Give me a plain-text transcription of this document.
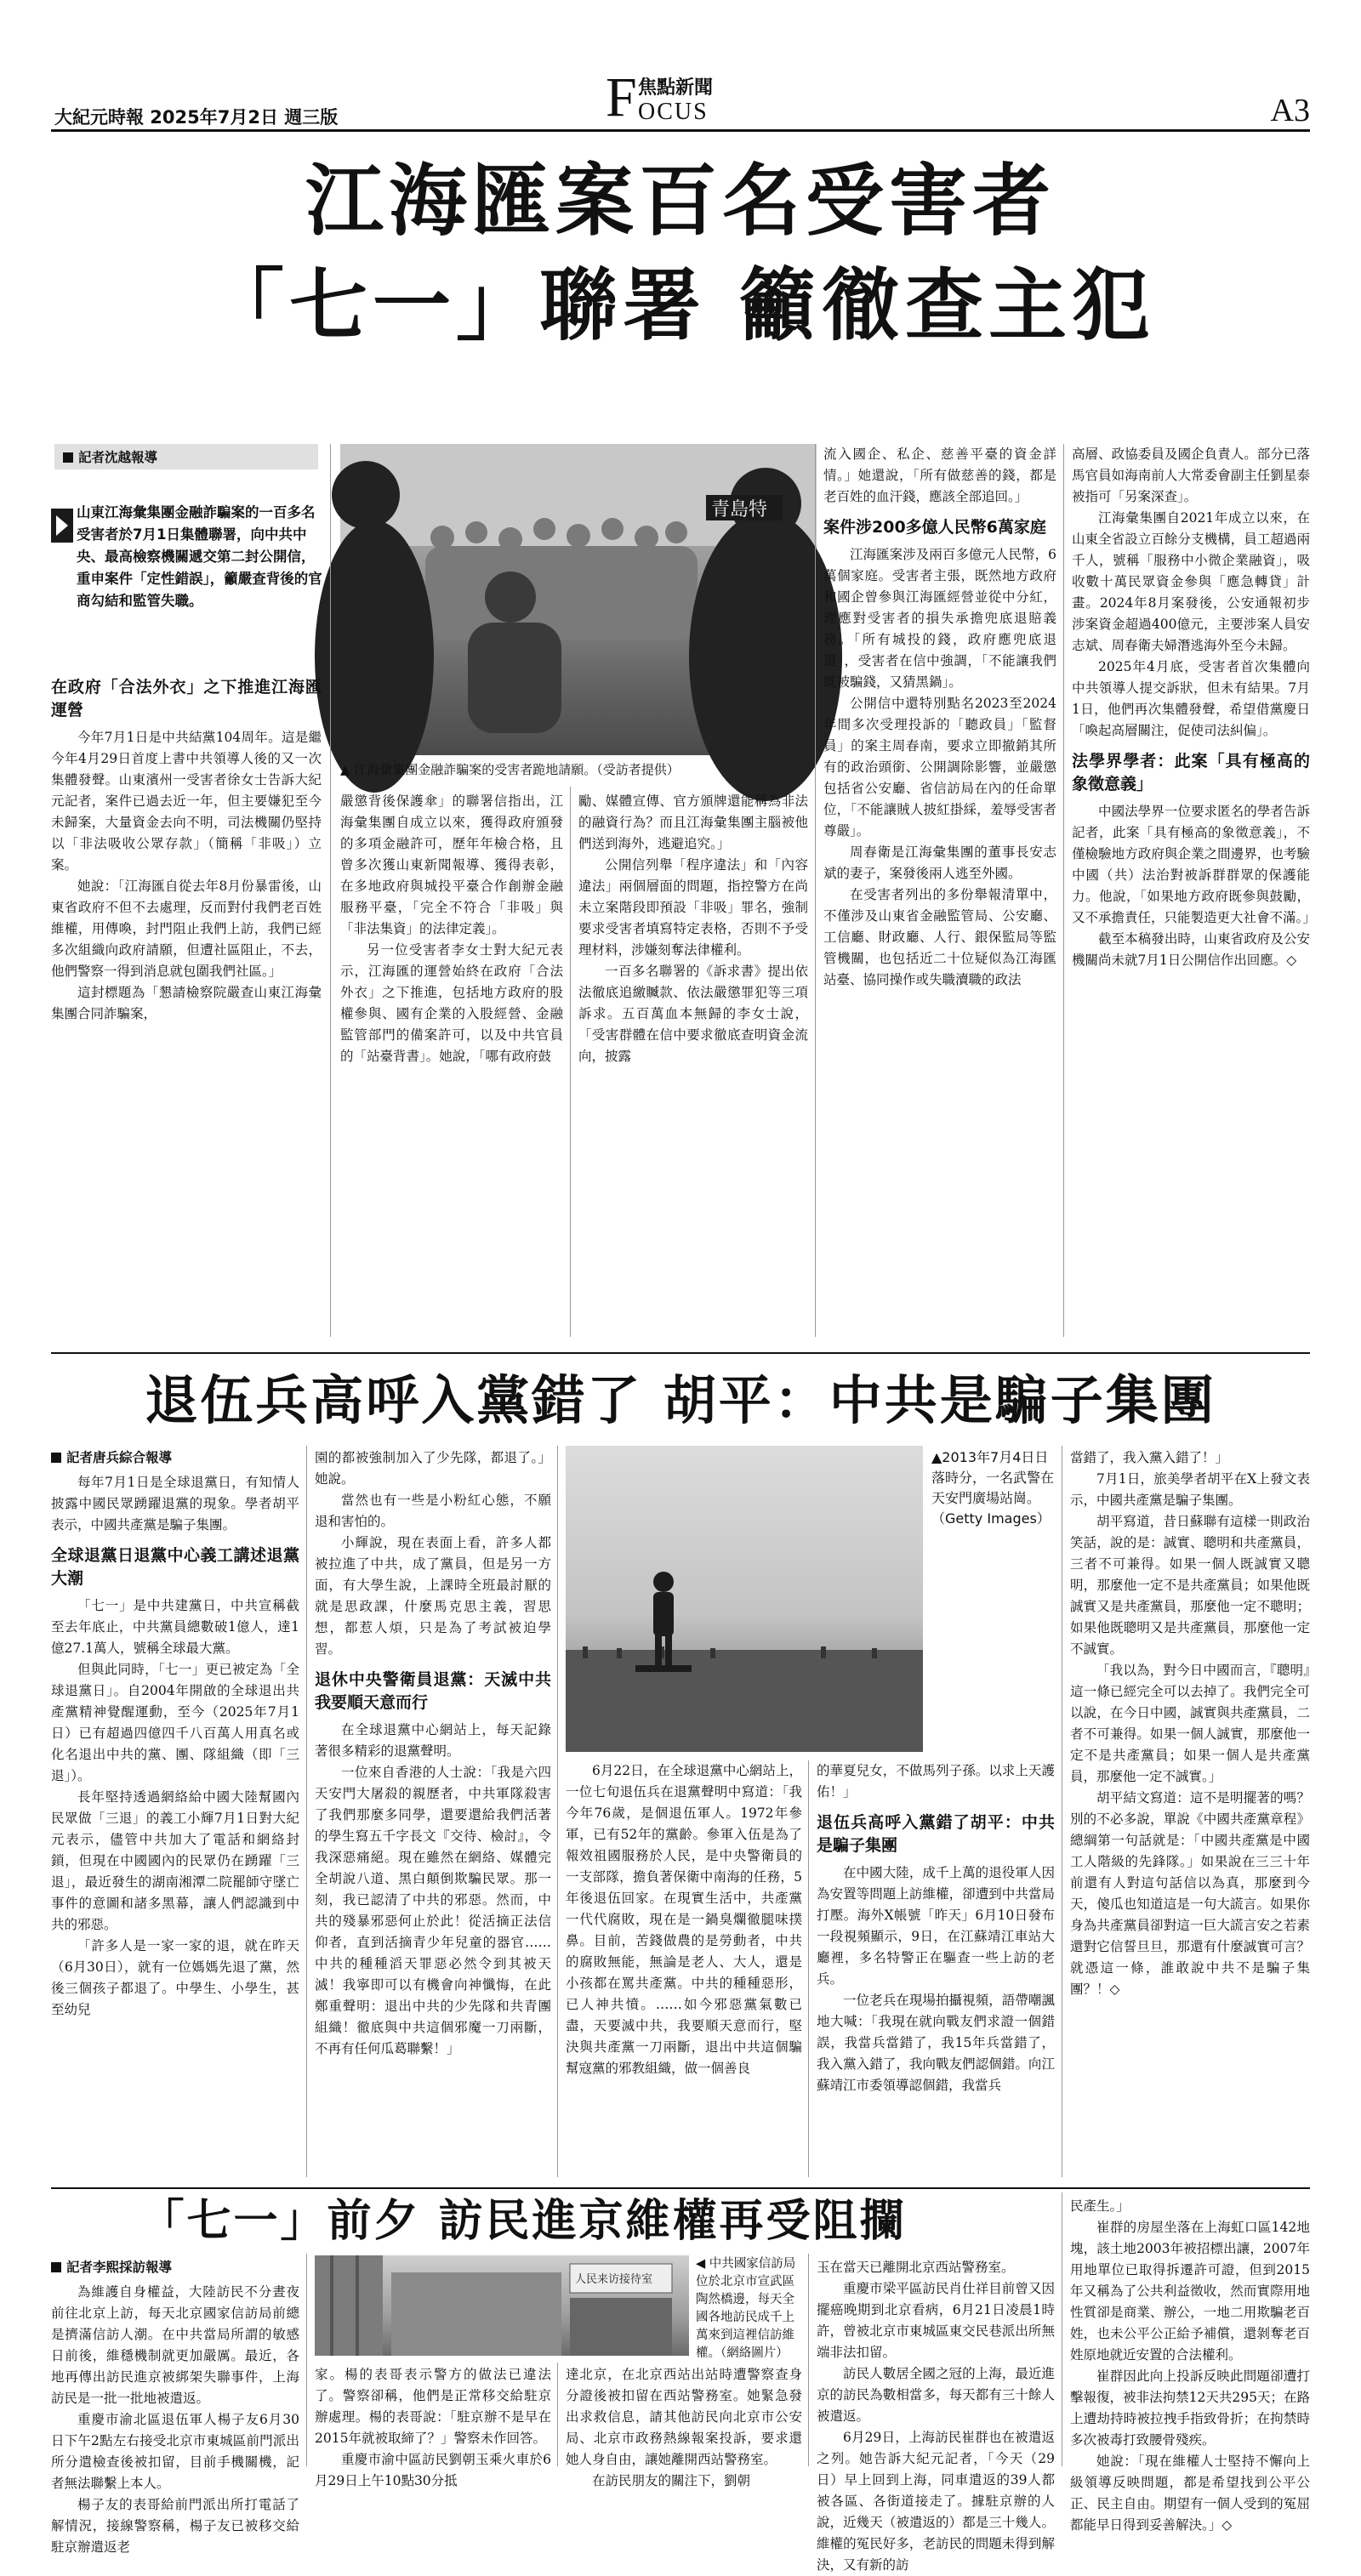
大紀元時報 2025年7月2日 週三版	F 焦點新聞
OCUS	A3
江海匯案百名受害者
「七一」聯署 籲徹查主犯
記者沈越報導
山東江海彙集團金融詐騙案的一百多名受害者於7月1日集體聯署，向中共中央、最高檢察機關遞交第二封公開信，重申案件「定性錯誤」，籲嚴查背後的官商勾結和監管失職。
青島特
▲ 江海彙集團金融詐騙案的受害者跪地請願。（受訪者提供）
在政府「合法外衣」之下推進江海匯運營

今年7月1日是中共結黨104周年。這是繼今年4月29日首度上書中共領導人後的又一次集體發聲。山東濱州一受害者徐女士告訴大紀元記者，案件已過去近一年，但主要嫌犯至今未歸案，大量資金去向不明，司法機關仍堅持以「非法吸收公眾存款」（簡稱「非吸」）立案。

她說：「江海匯自從去年8月份暴雷後，山東省政府不但不去處理，反而對付我們老百姓維權，用傳喚，封門阻止我們上訪，我們已經多次組織向政府請願，但遭社區阻止，不去，他們警察一得到消息就包圍我們社區。」

這封標題為「懇請檢察院嚴查山東江海彙集團合同詐騙案，

嚴懲背後保護傘」的聯署信指出，江海彙集團自成立以來，獲得政府頒發的多項金融許可，歷年年檢合格，且曾多次獲山東新聞報導、獲得表彰，在多地政府與城投平臺合作創辦金融服務平臺，「完全不符合「非吸」與「非法集資」的法律定義」。

另一位受害者李女士對大紀元表示，江海匯的運營始終在政府「合法外衣」之下推進，包括地方政府的股權參與、國有企業的入股經營、金融監管部門的備案許可，以及中共官員的「站臺背書」。她說，「哪有政府鼓

勵、媒體宣傳、官方頒牌還能稱為非法的融資行為？而且江海彙集團主腦被他們送到海外，逃避追究。」

公開信列舉「程序違法」和「內容違法」兩個層面的問題，指控警方在尚未立案階段即預設「非吸」罪名，強制要求受害者填寫特定表格，否則不予受理材料，涉嫌刻奪法律權利。

一百多名聯署的《訴求書》提出依法徹底追繳贓款、依法嚴懲罪犯等三項訴求。五百萬血本無歸的李女士說，「受害群體在信中要求徹底查明資金流向，披露

流入國企、私企、慈善平臺的資金詳情。」她還說，「所有做慈善的錢，都是老百姓的血汗錢，應該全部追回。」

案件涉200多億人民幣6萬家庭

江海匯案涉及兩百多億元人民幣，6萬個家庭。受害者主張，既然地方政府和國企曾參與江海匯經營並從中分紅，理應對受害者的損失承擔兜底退賠義務。「所有城投的錢，政府應兜底退還」，受害者在信中強調，「不能讓我們既被騙錢，又猜黑鍋」。

公開信中還特別點名2023至2024年間多次受理投訴的「聽政員」「監督員」的案主周春南，要求立即撤銷其所有的政治頭銜、公開調除影響，並嚴懲包括省公安廳、省信訪局在內的任命單位，「不能讓賊人披紅掛綵，羞辱受害者尊嚴」。

周春衛是江海彙集團的董事長安志斌的妻子，案發後兩人逃至外國。

在受害者列出的多份舉報清單中，不僅涉及山東省金融監管局、公安廳、工信廳、財政廳、人行、銀保監局等監管機關，也包括近二十位疑似為江海匯站臺、協同操作或失職瀆職的政法

高層、政協委員及國企負責人。部分已落馬官員如海南前人大常委會副主任劉星泰被指可「另案深查」。

江海彙集團自2021年成立以來，在山東全省設立百餘分支機構，員工超過兩千人，號稱「服務中小微企業融資」，吸收數十萬民眾資金參與「應急轉貸」計畫。2024年8月案發後，公安通報初步涉案資金超過400億元，主要涉案人員安志斌、周春衛夫婦潛逃海外至今未歸。

2025年4月底，受害者首次集體向中共領導人提交訴狀，但未有結果。7月1日，他們再次集體發聲，希望借黨慶日「喚起高層關注，促使司法糾偏」。

法學界學者：此案「具有極高的象徵意義」

中國法學界一位要求匿名的學者告訴記者，此案「具有極高的象徵意義」，不僅檢驗地方政府與企業之間邊界，也考驗中國（共）法治對被訴群群眾的保護能力。他說，「如果地方政府既參與鼓勵，又不承擔責任，只能製造更大社會不滿。」

截至本稿發出時，山東省政府及公安機關尚未就7月1日公開信作出回應。◇

退伍兵高呼入黨錯了 胡平：中共是騙子集團
記者唐兵綜合報導

每年7月1日是全球退黨日，有知情人披露中國民眾踴躍退黨的現象。學者胡平表示，中國共產黨是騙子集團。

全球退黨日退黨中心義工講述退黨大潮

「七一」是中共建黨日，中共宣稱截至去年底止，中共黨員總數破1億人，達1億27.1萬人，號稱全球最大黨。

但與此同時，「七一」更已被定為「全球退黨日」。自2004年開啟的全球退出共產黨精神覺醒運動，至今（2025年7月1日）已有超過四億四千八百萬人用真名或化名退出中共的黨、團、隊組織（即「三退」）。

長年堅持透過網絡給中國大陸幫國內民眾做「三退」的義工小輝7月1日對大紀元表示，儘管中共加大了電話和網絡封鎖，但現在中國國內的民眾仍在踴躍「三退」，最近發生的湖南湘潭二院罷師守墜亡事件的意圖和諸多黑幕，讓人們認識到中共的邪惡。

「許多人是一家一家的退，就在昨天（6月30日），就有一位媽媽先退了黨，然後三個孩子都退了。中學生、小學生，甚至幼兒

園的都被強制加入了少先隊，都退了。」她說。

當然也有一些是小粉紅心態，不願退和害怕的。

小輝說，現在表面上看，許多人都被拉進了中共，成了黨員，但是另一方面，有大學生說，上課時全班最討厭的就是思政課，什麼馬克思主義，習思想，都惹人煩，只是為了考試被迫學習。

退休中央警衛員退黨：天滅中共 我要順天意而行

在全球退黨中心網站上，每天記錄著很多精彩的退黨聲明。

一位來自香港的人士說：「我是六四天安門大屠殺的親歷者，中共軍隊殺害了我們那麼多同學，還要還給我們活著的學生寫五千字長文『交待、檢討』，令我深惡痛絕。現在雖然在網絡、媒體完全胡說八道、黑白顛倒欺騙民眾。那一刻，我已認清了中共的邪惡。然而，中共的殘暴邪惡何止於此！從活摘正法信仰者，直到活摘青少年兒童的器官……中共的種種滔天罪惡必然令到其被天滅！我寧即可以有機會向神懺悔，在此鄭重聲明：退出中共的少先隊和共青團組織！徹底與中共這個邪魔一刀兩斷，不再有任何瓜葛聯繫！」

▲2013年7月4日日落時分，一名武警在天安門廣場站崗。（Getty Images）

6月22日，在全球退黨中心網站上，一位七旬退伍兵在退黨聲明中寫道：「我今年76歲，是個退伍軍人。1972年參軍，已有52年的黨齡。參軍入伍是為了報效祖國服務於人民，是中央警衛員的一支部隊，擔負著保衛中南海的任務，5年後退伍回家。在現實生活中，共產黨一代代腐敗，現在是一鍋臭爛徹腿味撲鼻。目前，苦錢做農的是勞動者，中共的腐敗無能，無論是老人、大人，還是小孩都在罵共產黨。中共的種種惡形，已人神共憤。……如今邪惡黨氣數已盡，天要滅中共，我要順天意而行，堅決與共產黨一刀兩斷，退出中共這個騙幫寇黨的邪教組織，做一個善良

的華夏兒女，不做馬列子孫。以求上天護佑！」

退伍兵高呼入黨錯了胡平：中共是騙子集團

在中國大陸，成千上萬的退役軍人因為安置等問題上訪維權，卻遭到中共當局打壓。海外X帳號「昨天」6月10日發布一段視頻顯示，9日，在江蘇靖江車站大廳裡，多名特警正在驅查一些上訪的老兵。

一位老兵在現場拍攝視頻，語帶嘲諷地大喊：「我現在就向戰友們求證一個錯誤，我當兵當錯了，我15年兵當錯了，我入黨入錯了，我向戰友們認個錯。向江蘇靖江市委領導認個錯，我當兵

當錯了，我入黨入錯了！」

7月1日，旅美學者胡平在X上發文表示，中國共產黨是騙子集團。

胡平寫道，昔日蘇聯有這樣一則政治笑話，說的是：誠實、聰明和共產黨員，三者不可兼得。如果一個人既誠實又聰明，那麼他一定不是共產黨員；如果他既誠實又是共產黨員，那麼他一定不聰明；如果他既聰明又是共產黨員，那麼他一定不誠實。

「我以為，對今日中國而言，『聰明』這一條已經完全可以去掉了。我們完全可以說，在今日中國，誠實與共產黨員，二者不可兼得。如果一個人誠實，那麼他一定不是共產黨員；如果一個人是共產黨員，那麼他一定不誠實。」

胡平結文寫道：這不是明擺著的嗎？別的不必多說，單說《中國共產黨章程》總綱第一句話就是：「中國共產黨是中國工人階級的先鋒隊。」如果說在三三十年前還有人對這句話信以為真，那麼到今天，傻瓜也知道這是一句大謊言。如果你身為共產黨員卻對這一巨大謊言安之若素還對它信誓旦旦，那還有什麼誠實可言？就憑這一條，誰敢說中共不是騙子集團？！◇

「七一」前夕 訪民進京維權再受阻攔
記者李熙採訪報導

為維護自身權益，大陸訪民不分晝夜前往北京上訪，每天北京國家信訪局前總是擠滿信訪人潮。在中共當局所謂的敏感日前後，維穩機制就更加嚴厲。最近，各地再傳出訪民進京被綁架失聯事件，上海訪民是一批一批地被遣返。

重慶市渝北區退伍軍人楊子友6月30日下午2點左右接受北京市東城區前門派出所分遣檢查後被扣留，目前手機關機，記者無法聯繫上本人。

楊子友的表哥給前門派出所打電話了解情況，接線警察稱，楊子友已被移交給駐京辦遣返老

人民来访接待室
◀ 中共國家信訪局位於北京市宣武區陶然橋邊，每天全國各地訪民成千上萬來到這裡信訪維權。（網絡圖片）

家。楊的表哥表示警方的做法已違法了。警察卻稱，他們是正常移交給駐京辦處理。楊的表哥說：「駐京辦不是早在2015年就被取締了？」警察未作回答。

重慶市渝中區訪民劉朝玉乘火車於6月29日上午10點30分抵

達北京，在北京西站出站時遭警察查身分證後被扣留在西站警務室。她緊急發出求救信息，請其他訪民向北京市公安局、北京市政務熱線報案投訴，要求還她人身自由，讓她離開西站警務室。

在訪民朋友的關注下，劉朝

玉在當天已離開北京西站警務室。

重慶市梁平區訪民肖仕祥目前曾又因擺癌晚期到北京看病，6月21日凌晨1時許，曾被北京市東城區東交民巷派出所無端非法扣留。

訪民人數居全國之冠的上海，最近進京的訪民為數相當多，每天都有三十餘人被遣返。

6月29日，上海訪民崔群也在被遣返之列。她告訴大紀元記者，「今天（29日）早上回到上海，同車遣返的39人都被各區、各街道接走了。據駐京辦的人說，近幾天（被遣返的）都是三十幾人。維權的冤民好多，老訪民的問題未得到解決，又有新的訪

民產生。」

崔群的房屋坐落在上海虹口區142地塊，該土地2003年被招標出讓，2007年用地單位已取得拆遷許可證，但到2015年又稱為了公共利益徵收，然而實際用地性質卻是商業、辦公，一地二用欺騙老百姓，也未公平公正給予補償，還剝奪老百姓原地就近安置的合法權利。

崔群因此向上投訴反映此問題卻遭打擊報復，被非法拘禁12天共295天；在路上遭劫持時被拉拽手指致骨折；在拘禁時多次被毒打致腰骨殘疾。

她說：「現在維權人士堅持不懈向上級領導反映問題，都是希望找到公平公正、民主自由。期望有一個人受到的冤屈都能早日得到妥善解決。」◇
